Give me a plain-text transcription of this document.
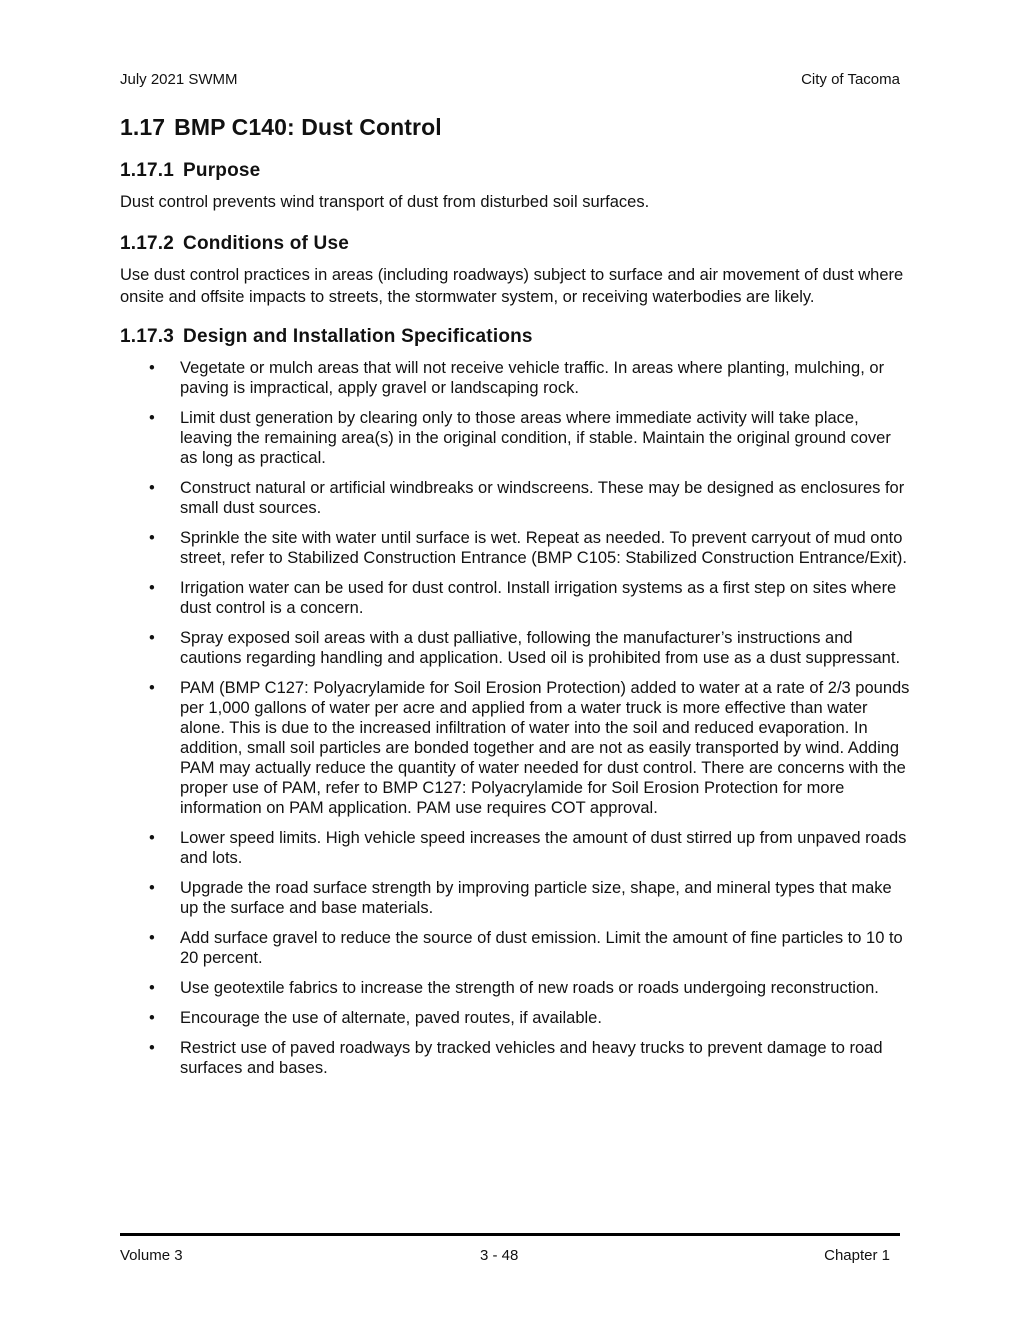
July 2021 SWMM	City of Tacoma
1.17 BMP C140: Dust Control
1.17.1 Purpose

Dust control prevents wind transport of dust from disturbed soil surfaces.

1.17.2 Conditions of Use

Use dust control practices in areas (including roadways) subject to surface and air movement of dust where onsite and offsite impacts to streets, the stormwater system, or receiving waterbodies are likely.

1.17.3 Design and Installation Specifications
• Vegetate or mulch areas that will not receive vehicle traffic. In areas where planting, mulching, or paving is impractical, apply gravel or landscaping rock.
• Limit dust generation by clearing only to those areas where immediate activity will take place, leaving the remaining area(s) in the original condition, if stable. Maintain the original ground cover as long as practical.
• Construct natural or artificial windbreaks or windscreens. These may be designed as enclosures for small dust sources.
• Sprinkle the site with water until surface is wet. Repeat as needed. To prevent carryout of mud onto street, refer to Stabilized Construction Entrance (BMP C105: Stabilized Construction Entrance/Exit).
• Irrigation water can be used for dust control. Install irrigation systems as a first step on sites where dust control is a concern.
• Spray exposed soil areas with a dust palliative, following the manufacturer’s instructions and cautions regarding handling and application. Used oil is prohibited from use as a dust suppressant.
• PAM (BMP C127: Polyacrylamide for Soil Erosion Protection) added to water at a rate of 2/3 pounds per 1,000 gallons of water per acre and applied from a water truck is more effective than water alone. This is due to the increased infiltration of water into the soil and reduced evaporation. In addition, small soil particles are bonded together and are not as easily transported by wind. Adding PAM may actually reduce the quantity of water needed for dust control. There are concerns with the proper use of PAM, refer to BMP C127: Polyacrylamide for Soil Erosion Protection for more information on PAM application. PAM use requires COT approval.
• Lower speed limits. High vehicle speed increases the amount of dust stirred up from unpaved roads and lots.
• Upgrade the road surface strength by improving particle size, shape, and mineral types that make up the surface and base materials.
• Add surface gravel to reduce the source of dust emission. Limit the amount of fine particles to 10 to 20 percent.
• Use geotextile fabrics to increase the strength of new roads or roads undergoing reconstruction.
• Encourage the use of alternate, paved routes, if available.
• Restrict use of paved roadways by tracked vehicles and heavy trucks to prevent damage to road surfaces and bases.
Volume 3	3 - 48	Chapter 1
